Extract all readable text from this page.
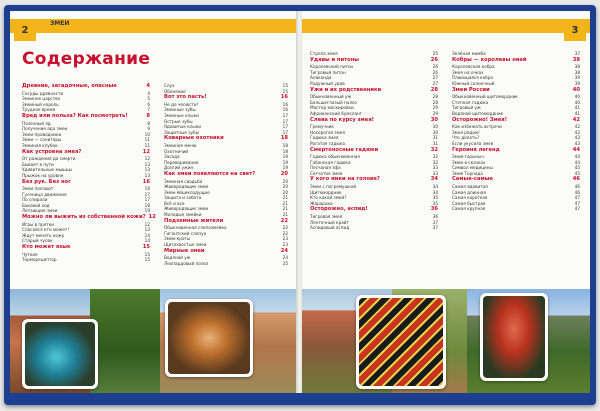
2
ЗМЕИ
Содержание
Древние, загадочные, опасные	4
Сосуды древности	4
Змеиное царство	5
Змеиный король	6
Трудное время	7
Вред или польза? Как посмотреть!	8
Полезный яд	8
Получение яда змеи	9
Змеи-проводники	10
Змеи — санитары	11
Змеиная клубок	11
Как устроена змея?	12
От рождения до смерти	12
Бывает в пути	13
Удивительные мышцы	13
Прыжок на уровне	13
Без рук. Без ног	16
Змеи ползают	16
Гусеница движения	17
По спирали	17
Боковой ход	18
Летающие змеи	19
Можно ли выжить из собственной кожи? 12
Игры в прятки	12
Спасайся кто может!	13
Ждут менять кожу	14
Старый чулок	14
Кто может язык	15
Чуткие	15
Терморецептор	15
Слух	15
Обоняние	15
Вот это пасть!	16
Не до челюсти!	16
Змеиные зубы	16
Змеиные клыки	17
Острые зубы	17
Ядовитые клыки	17
Защитные зубы	17
Коварные охотники	18
Змеиное меню	18
Охотничий	18
Засада	19
Переваривание	19
Долгий ужин	19
Как змеи появляются на свет?	20
Змеиная свадьба	20
Живородящие змеи	20
Змеи-яйцекладущие	20
Защита и забота	21
Всё и все	21
Живородящие змеи	21
Молодые змейки	21
Подземные жители	22
Обыкновенная слепозмейка	22
Гигантский слепун	22
Змеи-кроты	23
Щитохвостые змеи	23
Мирные змеи	24
Водяной уж	24
Леопардовый полоз	25
3
Стрела змея	25
Удавы и питоны	26
Королевский питон	26
Тигровый питон	26
Анаконда	27
Радужный удав	27
Ужи и их родственники	28
Обыкновенный уж	28
Большеглазый полоз	28
Мастер маскировки	29
Африканский бумсланг	29
Слева по курсу змея!	30
Гремучник	30
Носорогая змея	30
Гадюка змея	31
Рогатая гадюка	31
Смертоносные гадюки	32
Гадюка обыкновенная	32
Габонская гадюка	32
Песчаная эфа	33
Сетчатая змея	33
У кого ямки на голове?	34
Змеи с погремушкой	34
Щитомордник	34
Кто какой змей?	35
Жарарака	35
Осторожно, аспид!	36
Тигровая змея	36
Ленточный крайт	37
Аспидовый аспид	37
Зелёная мамба	37
Кобры — королевы змей	38
Королевская кобра	38
Змея на очках	38
Плюющаяся кобра	39
Южный солнечный	39
Змеи России	40
Обыкновенный щитомордник	40
Степная гадюка	40
Тигровый уж	41
Водяной щитомордник	41
Осторожно! Змея!	42
Как избежать встречи	42
Змея рядом!	42
Что делать?	43
Если укусила змея	43
Героиня легенд	44
Змей-горыныч	44
Змеи в сказках	44
Символ медицины	45
Змей Торнадо	45
Самые-самые	46
Самая ядовитая	46
Самая длинная	46
Самая короткая	47
Самая быстрая	47
Самая крупная	47
